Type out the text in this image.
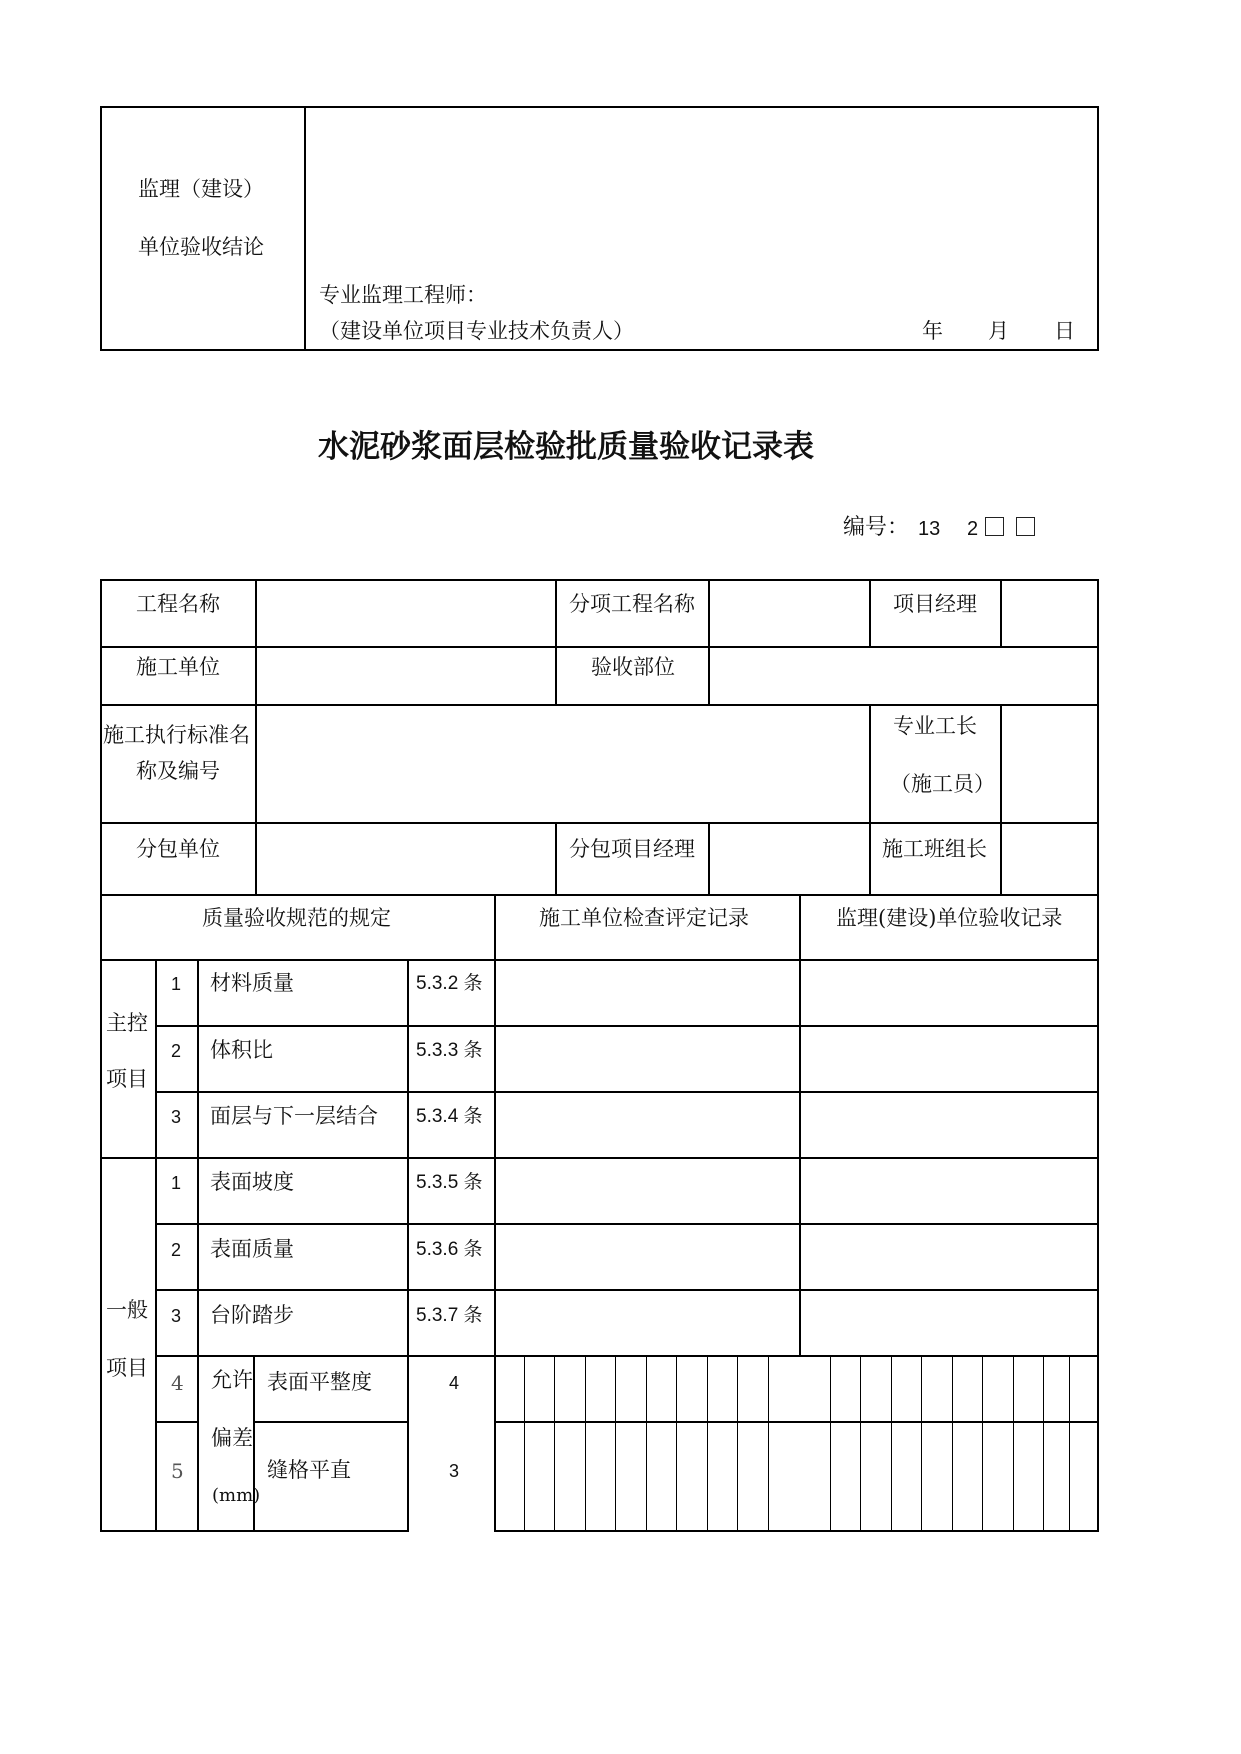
监理（建设）
单位验收结论
专业监理工程师：
（建设单位项目专业技术负责人）	年 月 日
水泥砂浆面层检验批质量验收记录表
编号： 13 2
工程名称	分项工程名称	项目经理
施工单位	验收部位
施工执行标准名
称及编号
专业工长
（施工员）
分包单位	分包项目经理	施工班组长
质量验收规范的规定	施工单位检查评定记录	监理(建设)单位验收记录
主控
项目
1 材料质量	5.3.2 条
2 体积比	5.3.3 条
3 面层与下一层结合 5.3.4 条
一般
项目
1 表面坡度	5.3.5 条
2 表面质量	5.3.6 条
3 台阶踏步	5.3.7 条
允许
偏差
(mm)
4	表面平整度	4
5	缝格平直	3
